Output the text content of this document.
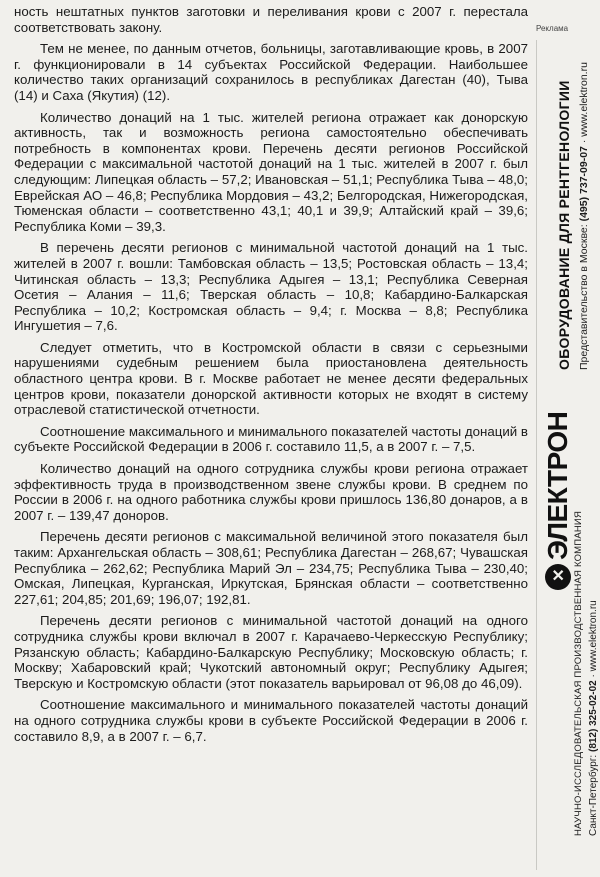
ность нештатных пунктов заготовки и переливания крови с 2007 г. перестала соответствовать закону.

Тем не менее, по данным отчетов, больницы, заготавливающие кровь, в 2007 г. функционировали в 14 субъектах Российской Федерации. Наибольшее количество таких организаций сохранилось в республиках Дагестан (40), Тыва (14) и Саха (Якутия) (12).

Количество донаций на 1 тыс. жителей региона отражает как донорскую активность, так и возможность региона самостоятельно обеспечивать потребность в компонентах крови. Перечень десяти регионов Российской Федерации с максимальной частотой донаций на 1 тыс. жителей в 2007 г. был следующим: Липецкая область – 57,2; Ивановская – 51,1; Республика Тыва – 48,0; Еврейская АО – 46,8; Республика Мордовия – 43,2; Белгородская, Нижегородская, Тюменская области – соответственно 43,1; 40,1 и 39,9; Алтайский край – 39,6; Республика Коми – 39,3.

В перечень десяти регионов с минимальной частотой донаций на 1 тыс. жителей в 2007 г. вошли: Тамбовская область – 13,5; Ростовская область – 13,4; Читинская область – 13,3; Республика Адыгея – 13,1; Республика Северная Осетия – Алания – 11,6; Тверская область – 10,8; Кабардино-Балкарская Республика – 10,2; Костромская область – 9,4; г. Москва – 8,8; Республика Ингушетия – 7,6.

Следует отметить, что в Костромской области в связи с серьезными нарушениями судебным решением была приостановлена деятельность областного центра крови. В г. Москве работает не менее десяти федеральных центров крови, показатели донорской активности которых не входят в систему отраслевой статистической отчетности.

Соотношение максимального и минимального показателей частоты донаций в субъекте Российской Федерации в 2006 г. составило 11,5, а в 2007 г. – 7,5.

Количество донаций на одного сотрудника службы крови региона отражает эффективность труда в производственном звене службы крови. В среднем по России в 2006 г. на одного работника службы крови пришлось 136,80 донаров, а в 2007 г. – 139,47 доноров.

Перечень десяти регионов с максимальной величиной этого показателя был таким: Архангельская область – 308,61; Республика Дагестан – 268,67; Чувашская Республика – 262,62; Республика Марий Эл – 234,75; Республика Тыва – 230,40; Омская, Липецкая, Курганская, Иркутская, Брянская области – соответственно 227,61; 204,85; 201,69; 196,07; 192,81.

Перечень десяти регионов с минимальной частотой донаций на одного сотрудника службы крови включал в 2007 г. Карачаево-Черкесскую Республику; Рязанскую область; Кабардино-Балкарскую Республику; Московскую область; г. Москву; Хабаровский край; Чукотский автономный округ; Республику Адыгея; Тверскую и Костромскую области (этот показатель варьировал от 96,08 до 46,09).

Соотношение максимального и минимального показателей частоты донаций на одного сотрудника службы крови в субъекте Российской Федерации в 2006 г. составило 8,9, а в 2007 г. – 6,7.

Реклама
✕
ЭЛЕКТРОН
ОБОРУДОВАНИЕ ДЛЯ РЕНТГЕНОЛОГИИ Представительство в Москве: (495) 737-09-07 · www.elektron.ru
НАУЧНО-ИССЛЕДОВАТЕЛЬСКАЯ ПРОИЗВОДСТВЕННАЯ КОМПАНИЯ Санкт-Петербург: (812) 325-02-02 · www.elektron.ru
